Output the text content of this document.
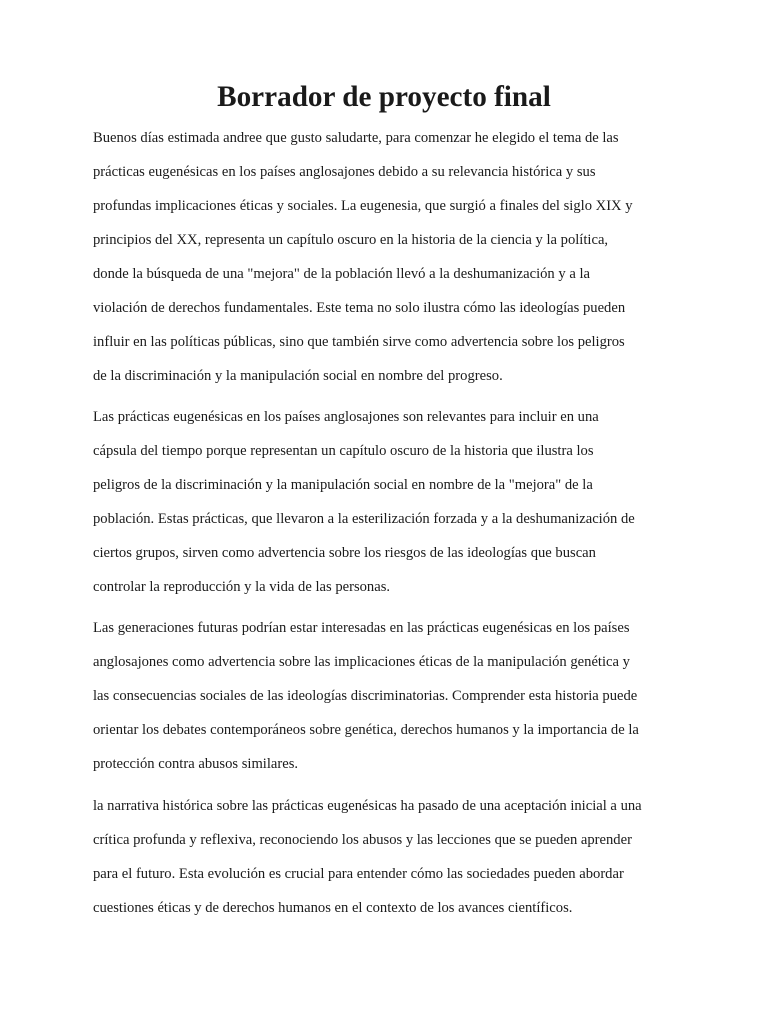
Borrador de proyecto final
Buenos días estimada andree que gusto saludarte, para comenzar he elegido el tema de las
prácticas eugenésicas en los países anglosajones debido a su relevancia histórica y sus
profundas implicaciones éticas y sociales. La eugenesia, que surgió a finales del siglo XIX y
principios del XX, representa un capítulo oscuro en la historia de la ciencia y la política,
donde la búsqueda de una "mejora" de la población llevó a la deshumanización y a la
violación de derechos fundamentales. Este tema no solo ilustra cómo las ideologías pueden
influir en las políticas públicas, sino que también sirve como advertencia sobre los peligros
de la discriminación y la manipulación social en nombre del progreso.
Las prácticas eugenésicas en los países anglosajones son relevantes para incluir en una
cápsula del tiempo porque representan un capítulo oscuro de la historia que ilustra los
peligros de la discriminación y la manipulación social en nombre de la "mejora" de la
población. Estas prácticas, que llevaron a la esterilización forzada y a la deshumanización de
ciertos grupos, sirven como advertencia sobre los riesgos de las ideologías que buscan
controlar la reproducción y la vida de las personas.
Las generaciones futuras podrían estar interesadas en las prácticas eugenésicas en los países
anglosajones como advertencia sobre las implicaciones éticas de la manipulación genética y
las consecuencias sociales de las ideologías discriminatorias. Comprender esta historia puede
orientar los debates contemporáneos sobre genética, derechos humanos y la importancia de la
protección contra abusos similares.
la narrativa histórica sobre las prácticas eugenésicas ha pasado de una aceptación inicial a una
crítica profunda y reflexiva, reconociendo los abusos y las lecciones que se pueden aprender
para el futuro. Esta evolución es crucial para entender cómo las sociedades pueden abordar
cuestiones éticas y de derechos humanos en el contexto de los avances científicos.
